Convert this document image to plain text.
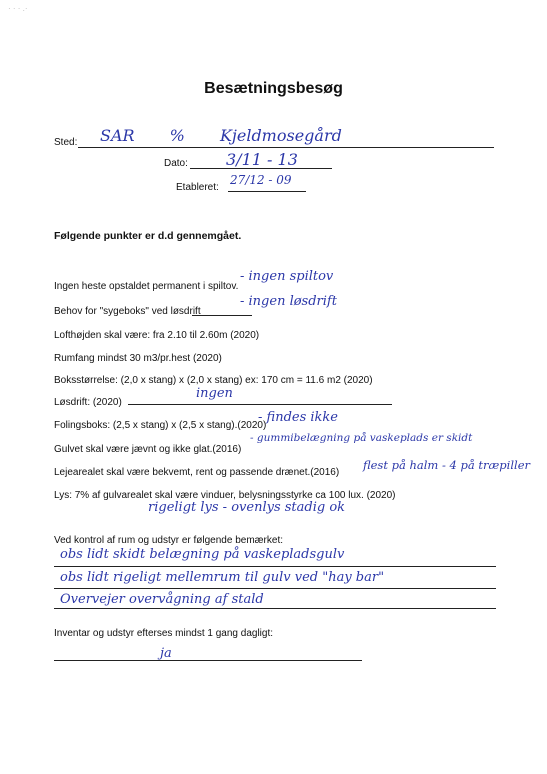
· · · .·
Besætningsbesøg
Sted: SAR % Kjeldmosegård
Dato: 3/11 - 13
Etableret:
27/12 - 09
Følgende punkter er d.d gennemgået.
Ingen heste opstaldet permanent i spiltov.
- ingen spiltov
Behov for "sygeboks" ved løsdrift
- ingen løsdrift
Lofthøjden skal være: fra 2.10 til 2.60m (2020)
Rumfang mindst 30 m3/pr.hest (2020)
Boksstørrelse: (2,0 x stang) x (2,0 x stang) ex: 170 cm = 11.6 m2 (2020)
Løsdrift: (2020)
ingen
Folingsboks: (2,5 x stang) x (2,5 x stang).(2020)
- findes ikke
Gulvet skal være jævnt og ikke glat.(2016)
- gummibelægning på vaskeplads er skidt
Lejearealet skal være bekvemt, rent og passende drænet.(2016)
flest på halm - 4 på træpiller
Lys: 7% af gulvarealet skal være vinduer, belysningsstyrke ca 100 lux. (2020)
rigeligt lys - ovenlys stadig ok
Ved kontrol af rum og udstyr er følgende bemærket:
obs lidt skidt belægning på vaskepladsgulv
obs lidt rigeligt mellemrum til gulv ved "hay bar"
Overvejer overvågning af stald
Inventar og udstyr efterses mindst 1 gang dagligt:
ja
